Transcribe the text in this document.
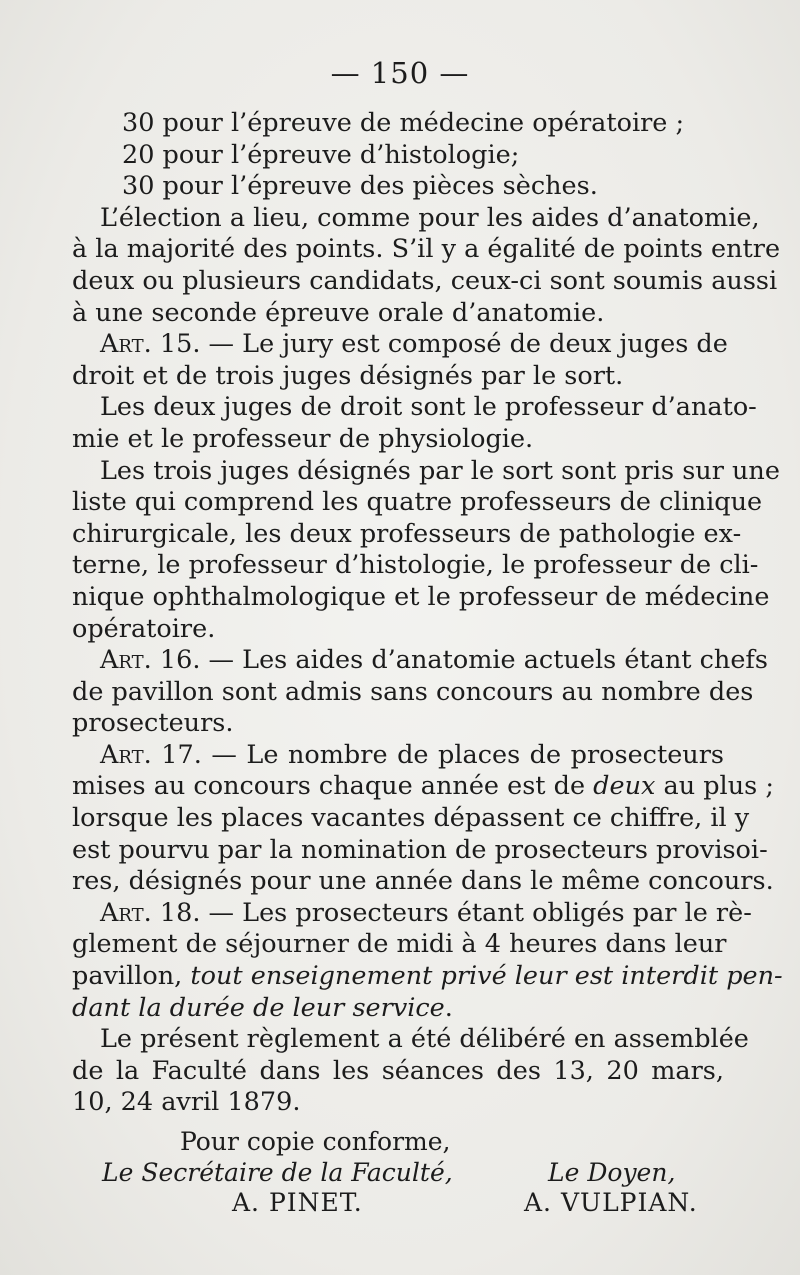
— 150 —
30 pour l’épreuve de médecine opératoire ;
20 pour l’épreuve d’histologie;
30 pour l’épreuve des pièces sèches.
L’élection a lieu, comme pour les aides d’anatomie,
à la majorité des points. S’il y a égalité de points entre
deux ou plusieurs candidats, ceux-ci sont soumis aussi
à une seconde épreuve orale d’anatomie.
Art. 15. — Le jury est composé de deux juges de
droit et de trois juges désignés par le sort.
Les deux juges de droit sont le professeur d’anato-
mie et le professeur de physiologie.
Les trois juges désignés par le sort sont pris sur une
liste qui comprend les quatre professeurs de clinique
chirurgicale, les deux professeurs de pathologie ex-
terne, le professeur d’histologie, le professeur de cli-
nique ophthalmologique et le professeur de médecine
opératoire.
Art. 16. — Les aides d’anatomie actuels étant chefs
de pavillon sont admis sans concours au nombre des
prosecteurs.
Art. 17. — Le nombre de places de prosecteurs
mises au concours chaque année est de deux au plus ;
lorsque les places vacantes dépassent ce chiffre, il y
est pourvu par la nomination de prosecteurs provisoi-
res, désignés pour une année dans le même concours.
Art. 18. — Les prosecteurs étant obligés par le rè-
glement de séjourner de midi à 4 heures dans leur
pavillon, tout enseignement privé leur est interdit pen-
dant la durée de leur service.
Le présent règlement a été délibéré en assemblée
de la Faculté dans les séances des 13, 20 mars,
10, 24 avril 1879.
Pour copie conforme,
Le Secrétaire de la Faculté,
A. PINET.
Le Doyen,
A. VULPIAN.
